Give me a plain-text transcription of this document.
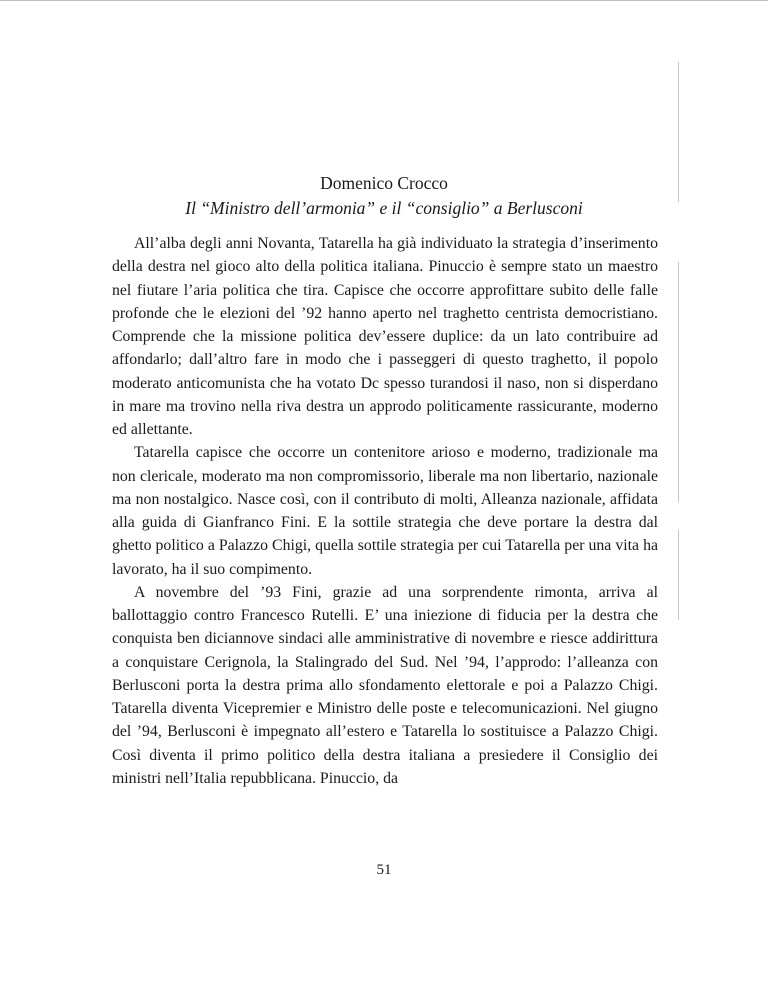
Domenico Crocco
Il “Ministro dell’armonia” e il “consiglio” a Berlusconi

All’alba degli anni Novanta, Tatarella ha già individuato la strategia d’inserimento della destra nel gioco alto della politica italiana. Pinuccio è sempre stato un maestro nel fiutare l’aria politica che tira. Capisce che occorre approfittare subito delle falle profonde che le elezioni del ’92 hanno aperto nel traghetto centrista democristiano. Comprende che la missione politica dev’essere duplice: da un lato contribuire ad affondarlo; dall’altro fare in modo che i passeggeri di questo traghetto, il popolo moderato anticomunista che ha votato Dc spesso turandosi il naso, non si disperdano in mare ma trovino nella riva destra un approdo politicamente rassicurante, moderno ed allettante.

Tatarella capisce che occorre un contenitore arioso e moderno, tradizionale ma non clericale, moderato ma non compromissorio, liberale ma non libertario, nazionale ma non nostalgico. Nasce così, con il contributo di molti, Alleanza nazionale, affidata alla guida di Gianfranco Fini. E la sottile strategia che deve portare la destra dal ghetto politico a Palazzo Chigi, quella sottile strategia per cui Tatarella per una vita ha lavorato, ha il suo compimento.

A novembre del ’93 Fini, grazie ad una sorprendente rimonta, arriva al ballottaggio contro Francesco Rutelli. E’ una iniezione di fiducia per la destra che conquista ben diciannove sindaci alle amministrative di novembre e riesce addirittura a conquistare Cerignola, la Stalingrado del Sud. Nel ’94, l’approdo: l’alleanza con Berlusconi porta la destra prima allo sfondamento elettorale e poi a Palazzo Chigi. Tatarella diventa Vicepremier e Ministro delle poste e telecomunicazioni. Nel giugno del ’94, Berlusconi è impegnato all’estero e Tatarella lo sostituisce a Palazzo Chigi. Così diventa il primo politico della destra italiana a presiedere il Consiglio dei ministri nell’Italia repubblicana. Pinuccio, da

51
